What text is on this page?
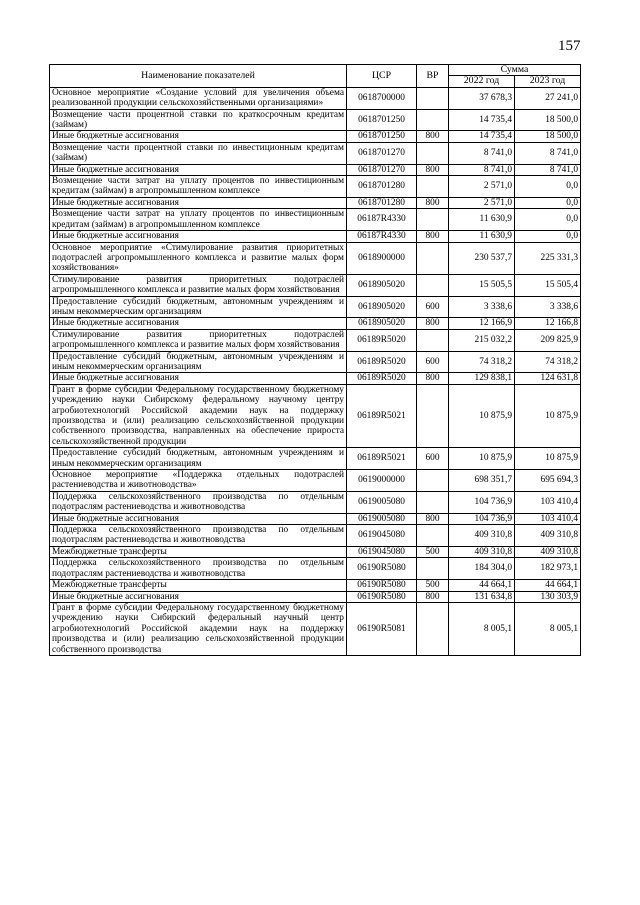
157
Наименование показателей	ЦСР	ВР	Сумма	
			2022 год	2023 год
Основное мероприятие «Создание условий для увеличения объема реализованной продукции сельскохозяйственными организациями»	0618700000		37 678,3	27 241,0
Возмещение части процентной ставки по краткосрочным кредитам (займам)	0618701250		14 735,4	18 500,0
Иные бюджетные ассигнования	0618701250	800	14 735,4	18 500,0
Возмещение части процентной ставки по инвестиционным кредитам (займам)	0618701270		8 741,0	8 741,0
Иные бюджетные ассигнования	0618701270	800	8 741,0	8 741,0
Возмещение части затрат на уплату процентов по инвестиционным кредитам (займам) в агропромышленном комплексе	0618701280		2 571,0	0,0
Иные бюджетные ассигнования	0618701280	800	2 571,0	0,0
Возмещение части затрат на уплату процентов по инвестиционным кредитам (займам) в агропромышленном комплексе	06187R4330		11 630,9	0,0
Иные бюджетные ассигнования	06187R4330	800	11 630,9	0,0
Основное мероприятие «Стимулирование развития приоритетных подотраслей агропромышленного комплекса и развитие малых форм хозяйствования»	0618900000		230 537,7	225 331,3
Стимулирование развития приоритетных подотраслей агропромышленного комплекса и развитие малых форм хозяйствования	0618905020		15 505,5	15 505,4
Предоставление субсидий бюджетным, автономным учреждениям и иным некоммерческим организациям	0618905020	600	3 338,6	3 338,6
Иные бюджетные ассигнования	0618905020	800	12 166,9	12 166,8
Стимулирование развития приоритетных подотраслей агропромышленного комплекса и развитие малых форм хозяйствования	06189R5020		215 032,2	209 825,9
Предоставление субсидий бюджетным, автономным учреждениям и иным некоммерческим организациям	06189R5020	600	74 318,2	74 318,2
Иные бюджетные ассигнования	06189R5020	800	129 838,1	124 631,8
Грант в форме субсидии Федеральному государственному бюджетному учреждению науки Сибирскому федеральному научному центру агробиотехнологий Российской академии наук на поддержку производства и (или) реализацию сельскохозяйственной продукции собственного производства, направленных на обеспечение прироста сельскохозяйственной продукции	06189R5021		10 875,9	10 875,9
Предоставление субсидий бюджетным, автономным учреждениям и иным некоммерческим организациям	06189R5021	600	10 875,9	10 875,9
Основное мероприятие «Поддержка отдельных подотраслей растениеводства и животноводства»	0619000000		698 351,7	695 694,3
Поддержка сельскохозяйственного производства по отдельным подотраслям растениеводства и животноводства	0619005080		104 736,9	103 410,4
Иные бюджетные ассигнования	0619005080	800	104 736,9	103 410,4
Поддержка сельскохозяйственного производства по отдельным подотраслям растениеводства и животноводства	0619045080		409 310,8	409 310,8
Межбюджетные трансферты	0619045080	500	409 310,8	409 310,8
Поддержка сельскохозяйственного производства по отдельным подотраслям растениеводства и животноводства	06190R5080		184 304,0	182 973,1
Межбюджетные трансферты	06190R5080	500	44 664,1	44 664,1
Иные бюджетные ассигнования	06190R5080	800	131 634,8	130 303,9
Грант в форме субсидии Федеральному государственному бюджетному учреждению науки Сибирский федеральный научный центр агробиотехнологий Российской академии наук на поддержку производства и (или) реализацию сельскохозяйственной продукции собственного производства	06190R5081		8 005,1	8 005,1
